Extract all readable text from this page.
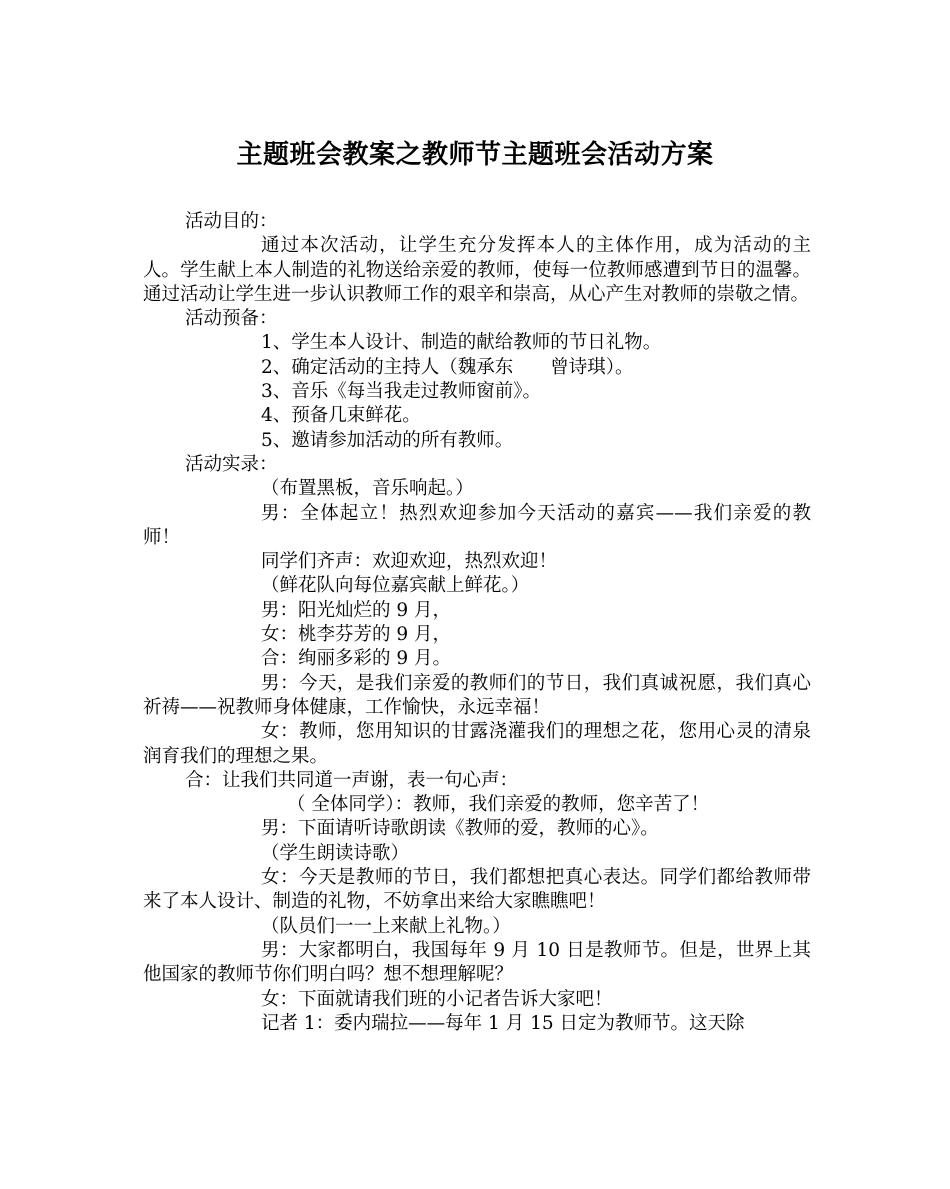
主题班会教案之教师节主题班会活动方案

活动目的：

通过本次活动，让学生充分发挥本人的主体作用，成为活动的主人。学生献上本人制造的礼物送给亲爱的教师，使每一位教师感遭到节日的温馨。通过活动让学生进一步认识教师工作的艰辛和崇高，从心产生对教师的崇敬之情。

活动预备：

1、学生本人设计、制造的献给教师的节日礼物。

2、确定活动的主持人（魏承东　　曾诗琪）。

3、音乐《每当我走过教师窗前》。

4、预备几束鲜花。

5、邀请参加活动的所有教师。

活动实录：

（布置黑板，音乐响起。）

男：全体起立！热烈欢迎参加今天活动的嘉宾——我们亲爱的教师！

同学们齐声：欢迎欢迎，热烈欢迎！

（鲜花队向每位嘉宾献上鲜花。）

男：阳光灿烂的 9 月，

女：桃李芬芳的 9 月，

合：绚丽多彩的 9 月。

男：今天，是我们亲爱的教师们的节日，我们真诚祝愿，我们真心祈祷——祝教师身体健康，工作愉快，永远幸福！

女：教师，您用知识的甘露浇灌我们的理想之花，您用心灵的清泉润育我们的理想之果。

合：让我们共同道一声谢，表一句心声：

（ 全体同学）：教师，我们亲爱的教师，您辛苦了！

男：下面请听诗歌朗读《教师的爱，教师的心》。

（学生朗读诗歌）

女：今天是教师的节日，我们都想把真心表达。同学们都给教师带来了本人设计、制造的礼物，不妨拿出来给大家瞧瞧吧！

（队员们一一上来献上礼物。）

男：大家都明白，我国每年 9 月 10 日是教师节。但是，世界上其他国家的教师节你们明白吗？想不想理解呢？

女：下面就请我们班的小记者告诉大家吧！

记者 1：委内瑞拉——每年 1 月 15 日定为教师节。这天除
